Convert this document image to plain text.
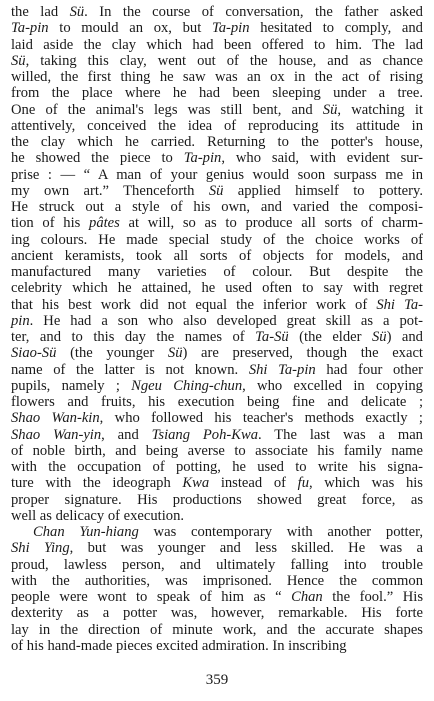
the lad Sü. In the course of conversation, the father asked
Ta-pin to mould an ox, but Ta-pin hesitated to comply, and
laid aside the clay which had been offered to him. The lad
Sü, taking this clay, went out of the house, and as chance
willed, the first thing he saw was an ox in the act of rising
from the place where he had been sleeping under a tree.
One of the animal's legs was still bent, and Sü, watching it
attentively, conceived the idea of reproducing its attitude in
the clay which he carried. Returning to the potter's house,
he showed the piece to Ta-pin, who said, with evident sur-
prise : — “ A man of your genius would soon surpass me in
my own art.” Thenceforth Sü applied himself to pottery.
He struck out a style of his own, and varied the composi-
tion of his pâtes at will, so as to produce all sorts of charm-
ing colours. He made special study of the choice works of
ancient keramists, took all sorts of objects for models, and
manufactured many varieties of colour. But despite the
celebrity which he attained, he used often to say with regret
that his best work did not equal the inferior work of Shi Ta-
pin. He had a son who also developed great skill as a pot-
ter, and to this day the names of Ta-Sü (the elder Sü) and
Siao-Sü (the younger Sü) are preserved, though the exact
name of the latter is not known. Shi Ta-pin had four other
pupils, namely ; Ngeu Ching-chun, who excelled in copying
flowers and fruits, his execution being fine and delicate ;
Shao Wan-kin, who followed his teacher's methods exactly ;
Shao Wan-yin, and Tsiang Poh-Kwa. The last was a man
of noble birth, and being averse to associate his family name
with the occupation of potting, he used to write his signa-
ture with the ideograph Kwa instead of fu, which was his
proper signature. His productions showed great force, as
well as delicacy of execution.
Chan Yun-hiang was contemporary with another potter,
Shi Ying, but was younger and less skilled. He was a
proud, lawless person, and ultimately falling into trouble
with the authorities, was imprisoned. Hence the common
people were wont to speak of him as “ Chan the fool.” His
dexterity as a potter was, however, remarkable. His forte
lay in the direction of minute work, and the accurate shapes
of his hand-made pieces excited admiration. In inscribing
359
